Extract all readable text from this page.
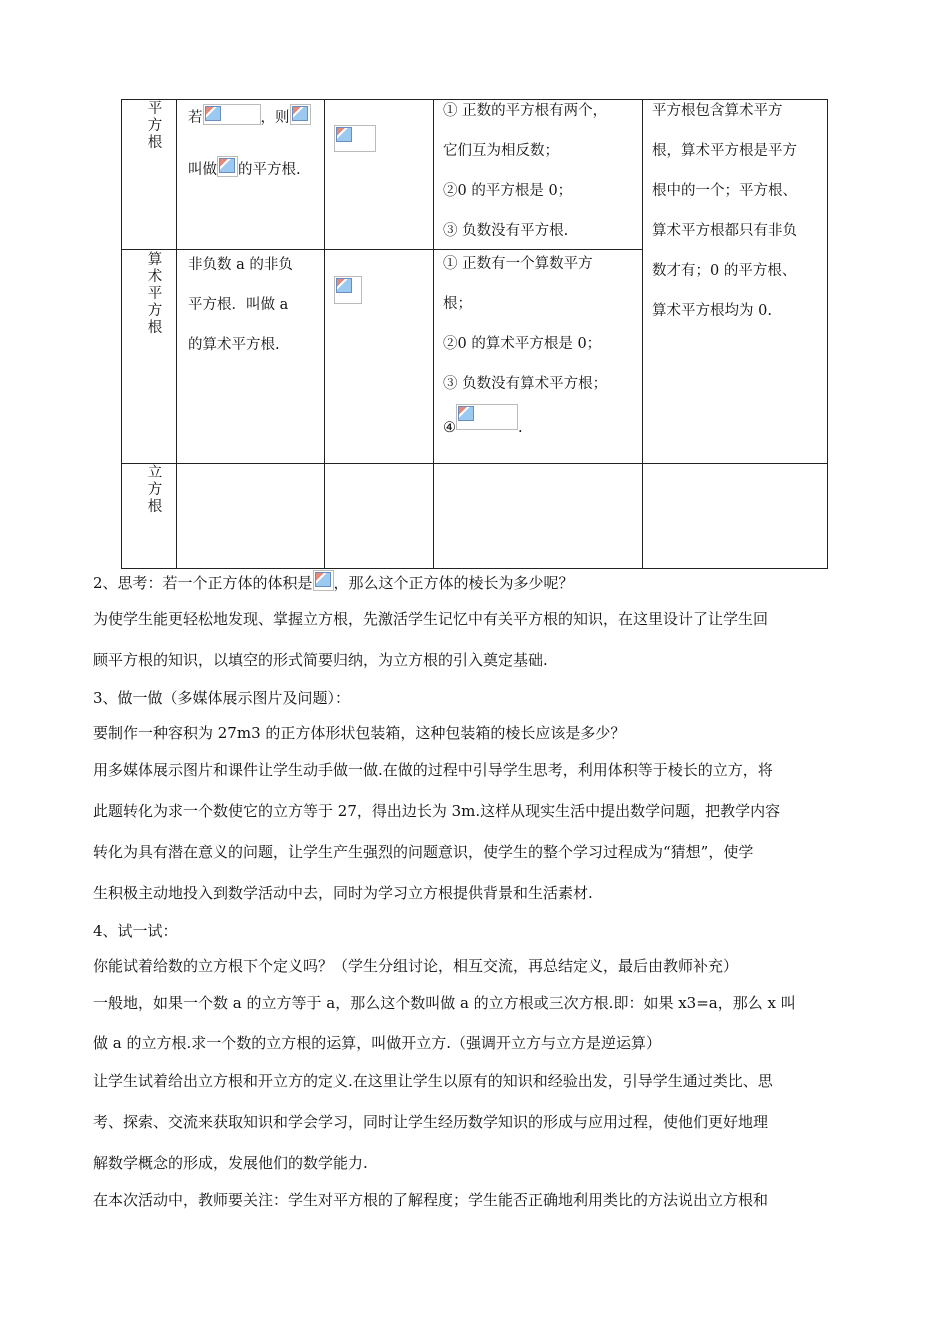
平
方
根
若	，则
叫做 的平方根.
① 正数的平方根有两个，
它们互为相反数；
②0 的平方根是 0；
③ 负数没有平方根.
算
术
平
方
根
非负数 a 的非负
平方根．叫做 a
的算术平方根.
① 正数有一个算数平方
根；
②0 的算术平方根是 0；
③ 负数没有算术平方根；
④	.
立
方
根
平方根包含算术平方
根，算术平方根是平方
根中的一个；平方根、
算术平方根都只有非负
数才有；0 的平方根、
算术平方根均为 0.
2、思考：若一个正方体的体积是 ，那么这个正方体的棱长为多少呢？
为使学生能更轻松地发现、掌握立方根，先激活学生记忆中有关平方根的知识，在这里设计了让学生回
顾平方根的知识，以填空的形式简要归纳，为立方根的引入奠定基础.
3、做一做（多媒体展示图片及问题）：
要制作一种容积为 27m3 的正方体形状包装箱，这种包装箱的棱长应该是多少？
用多媒体展示图片和课件让学生动手做一做.在做的过程中引导学生思考，利用体积等于棱长的立方，将
此题转化为求一个数使它的立方等于 27，得出边长为 3m.这样从现实生活中提出数学问题，把教学内容
转化为具有潜在意义的问题，让学生产生强烈的问题意识，使学生的整个学习过程成为“猜想”，使学
生积极主动地投入到数学活动中去，同时为学习立方根提供背景和生活素材.
4、试一试：
你能试着给数的立方根下个定义吗？（学生分组讨论，相互交流，再总结定义，最后由教师补充）
一般地，如果一个数 a 的立方等于 a，那么这个数叫做 a 的立方根或三次方根.即：如果 x3=a，那么 x 叫
做 a 的立方根.求一个数的立方根的运算，叫做开立方.（强调开立方与立方是逆运算）
让学生试着给出立方根和开立方的定义.在这里让学生以原有的知识和经验出发，引导学生通过类比、思
考、探索、交流来获取知识和学会学习，同时让学生经历数学知识的形成与应用过程，使他们更好地理
解数学概念的形成，发展他们的数学能力.
在本次活动中，教师要关注：学生对平方根的了解程度；学生能否正确地利用类比的方法说出立方根和
